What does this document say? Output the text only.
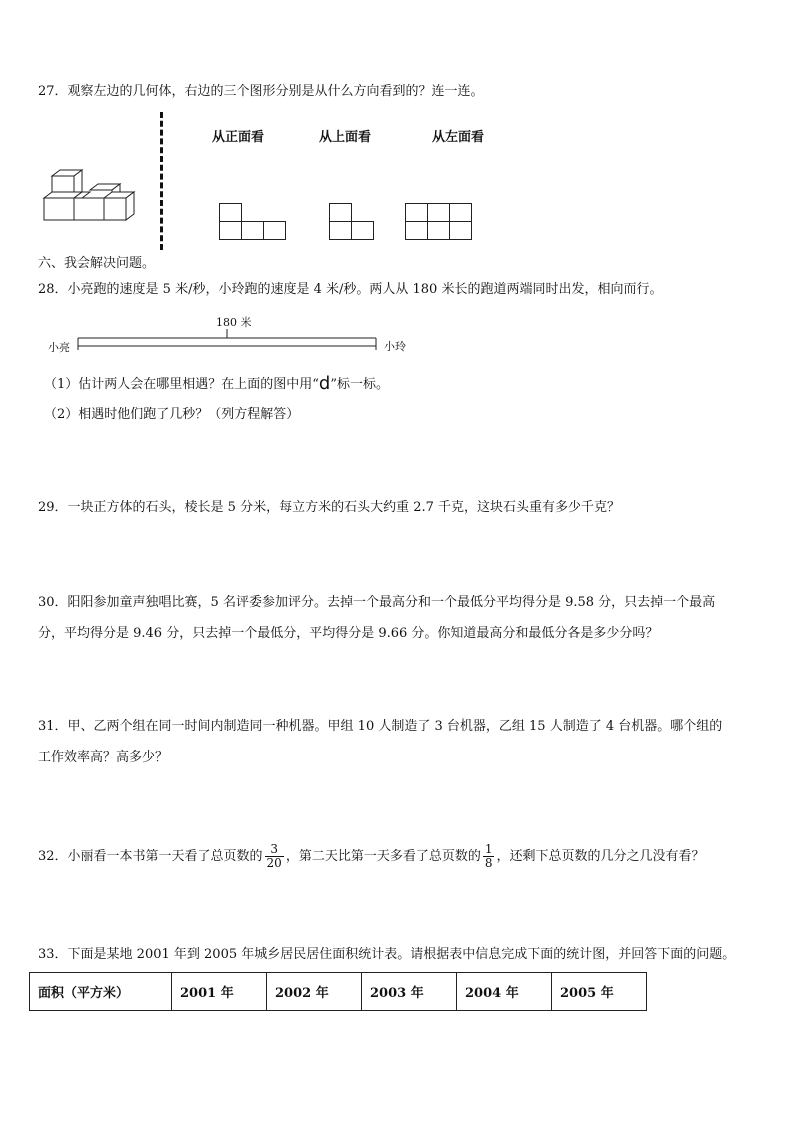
27．观察左边的几何体，右边的三个图形分别是从什么方向看到的？连一连。
从正面看	从上面看	从左面看
六、我会解决问题。
28．小亮跑的速度是 5 米/秒，小玲跑的速度是 4 米/秒。两人从 180 米长的跑道两端同时出发，相向而行。
180 米
小亮	小玲
（1）估计两人会在哪里相遇？在上面的图中用“d”标一标。
（2）相遇时他们跑了几秒？（列方程解答）
29．一块正方体的石头，棱长是 5 分米，每立方米的石头大约重 2.7 千克，这块石头重有多少千克？
30．阳阳参加童声独唱比赛，5 名评委参加评分。去掉一个最高分和一个最低分平均得分是 9.58 分，只去掉一个最高
分，平均得分是 9.46 分，只去掉一个最低分，平均得分是 9.66 分。你知道最高分和最低分各是多少分吗？
31．甲、乙两个组在同一时间内制造同一种机器。甲组 10 人制造了 3 台机器，乙组 15 人制造了 4 台机器。哪个组的
工作效率高？高多少？
32．小丽看一本书第一天看了总页数的 $\frac{3}{20}$ ，第二天比第一天多看了总页数的 $\frac{1}{8}$ ，还剩下总页数的几分之几没有看？
33．下面是某地 2001 年到 2005 年城乡居民居住面积统计表。请根据表中信息完成下面的统计图，并回答下面的问题。
面积（平方米）	2001 年	2002 年	2003 年	2004 年	2005 年
